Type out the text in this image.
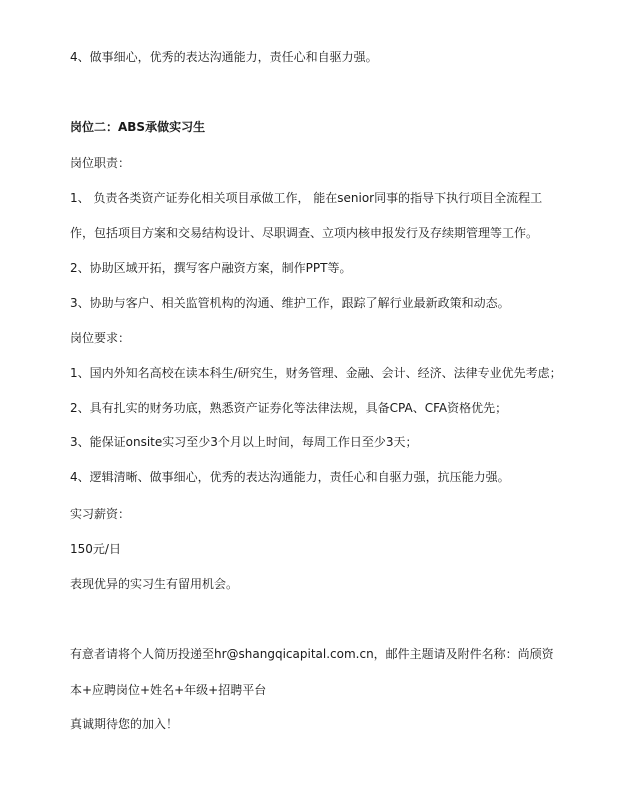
4、做事细心，优秀的表达沟通能力，责任心和自驱力强。
岗位二：ABS承做实习生
岗位职责：
1、 负责各类资产证券化相关项目承做工作， 能在senior同事的指导下执行项目全流程工
作，包括项目方案和交易结构设计、尽职调查、立项内核申报发行及存续期管理等工作。
2、协助区域开拓，撰写客户融资方案，制作PPT等。
3、协助与客户、相关监管机构的沟通、维护工作，跟踪了解行业最新政策和动态。
岗位要求：
1、国内外知名高校在读本科生/研究生，财务管理、金融、会计、经济、法律专业优先考虑；
2、具有扎实的财务功底，熟悉资产证券化等法律法规，具备CPA、CFA资格优先；
3、能保证onsite实习至少3个月以上时间，每周工作日至少3天；
4、逻辑清晰、做事细心，优秀的表达沟通能力，责任心和自驱力强，抗压能力强。
实习薪资：
150元/日
表现优异的实习生有留用机会。
有意者请将个人简历投递至hr@shangqicapital.com.cn，邮件主题请及附件名称：尚颀资
本+应聘岗位+姓名+年级+招聘平台
真诚期待您的加入！
